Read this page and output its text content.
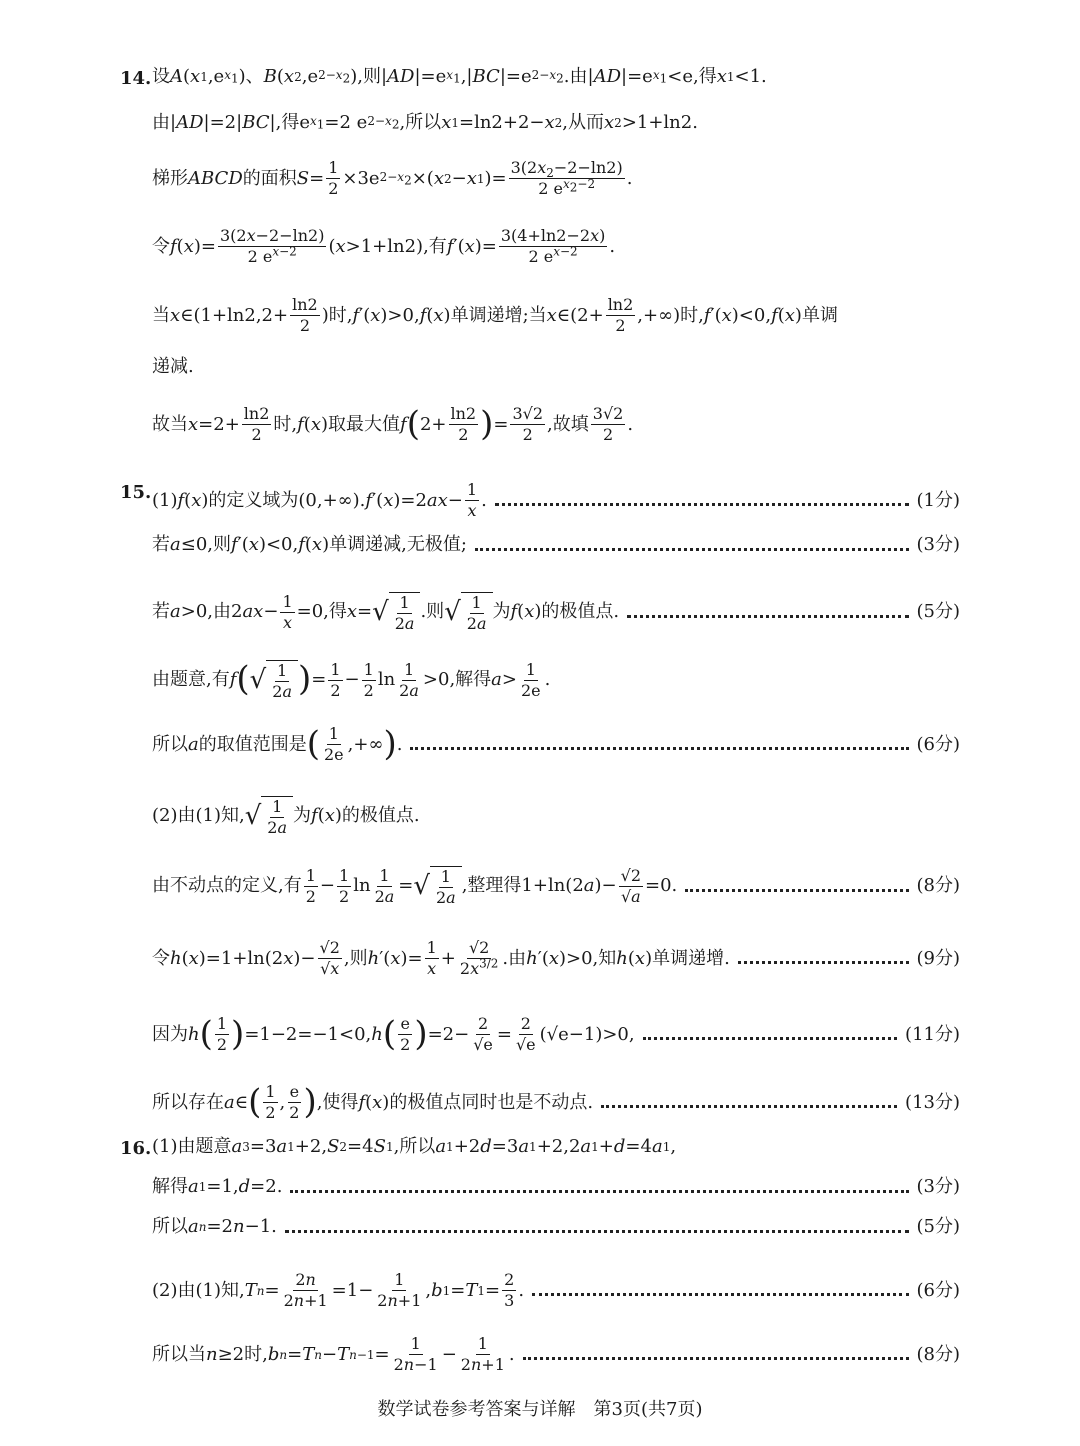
14. 设 A ( x 1 ,e $x_1$ )、 B ( x 2 ,e $2-x_2$ ),则| AD |=e $x_1$ ,| BC |=e $2-x_2$ .由| AD |=e $x_1 <e$,得 x 1 <1.
由| AD |=2| BC |,得e $x_1 =2$ e $2-x_2$ ,所以 x 1 =ln2+2− x 2 ,从而 x 2 >1+ln2.
梯形 ABCD 的面积 $S = \frac{1}{2} \times 3e$ $2-x_2$ ×( x 2 − x 1 )= $\frac{3(2x_2-2-\ln 2)}{2 e^{x_2-2}}$ .
令 f ( x )= $\frac{3(2x-2-\ln 2)}{2 e^{x-2}}$ ( x >1+ln2),有 f ′( x )= $\frac{3(4+\ln 2-2x)}{2 e^{x-2}}$ .
当 x ∈(1+ln2,2+ $\frac{\ln 2}{2}$ )时, f ′( x )>0, f ( x )单调递增;当 x ∈(2+ $\frac{\ln 2}{2}$ ,+∞)时, f ′( x )<0, f ( x )单调
递减.
故当 $x =2+ \frac{\ln 2}{2}$ 时, f ( x )取最大值 f ( $2+ \frac{\ln 2}{2}$ ) = $\frac{3√2}{2}$ ,故填 $\frac{3√2}{2}$ .
15. (1) f ( x )的定义域为(0,+∞). f ′( x )=2 ax − $\frac{1}{x}$ .	(1分)
若 a ≤0,则 f ′( x )<0, f ( x )单调递减,无极值;	(3分)
若 a >0,由2 ax − $\frac{1}{x} =0$,得 x = √ $\frac{1}{2a}$ .则 √ $\frac{1}{2a}$ 为 f ( x )的极值点.	(5分)
由题意,有 f ( √ $\frac{1}{2a}$ ) = $\frac{1}{2} - \frac{1}{2}$ $\ln \frac{1}{2a} >0$,解得 $a > \frac{1}{2e}$ .
所以 a 的取值范围是 ( $\frac{1}{2e}$ ,+∞ ) .	(6分)
(2)由(1)知, √ $\frac{1}{2a}$ 为 f ( x )的极值点.
由不动点的定义,有 $\frac{1}{2} - \frac{1}{2}$ $\ln \frac{1}{2a}$ = √ $\frac{1}{2a}$ ,整理得1+ln(2 a )− $\frac{√2}{√a} =0$.	(8分)
令 h ( x )=1+ln(2 x )− $\frac{√2}{√x}$ ,则 h ′( x )= $\frac{1}{x} + \frac{√2}{2x^{3/2}}$ .由 h ′( x )>0,知 h ( x )单调递增.	(9分)
因为 h ( $\frac{1}{2}$ ) =1−2=−1<0, h ( $\frac{e}{2}$ ) $=2- \frac{2}{√e} = \frac{2}{√e} (√e-1)>0$,	(11分)
所以存在 a ∈ ( $\frac{1}{2}$ , $\frac{e}{2}$ ) ,使得 f ( x )的极值点同时也是不动点.	(13分)
16. (1)由题意 a 3 =3 a 1 +2, S 2 =4 S 1 ,所以 a 1 +2 d =3 a 1 +2,2 a 1 + d =4 a 1 ,
解得 a 1 =1, d =2.	(3分)
所以 a n =2 n −1.	(5分)
(2)由(1)知, T $n = \frac{2n}{2n+1} =1- \frac{1}{2n+1}$ , b 1 = T $1 = \frac{2}{3}$ .	(6分)
所以当 n ≥2时, b n = T n − T $n-1 = \frac{1}{2n-1} - \frac{1}{2n+1}$ .	(8分)
数学试卷参考答案与详解　第3页(共7页)
